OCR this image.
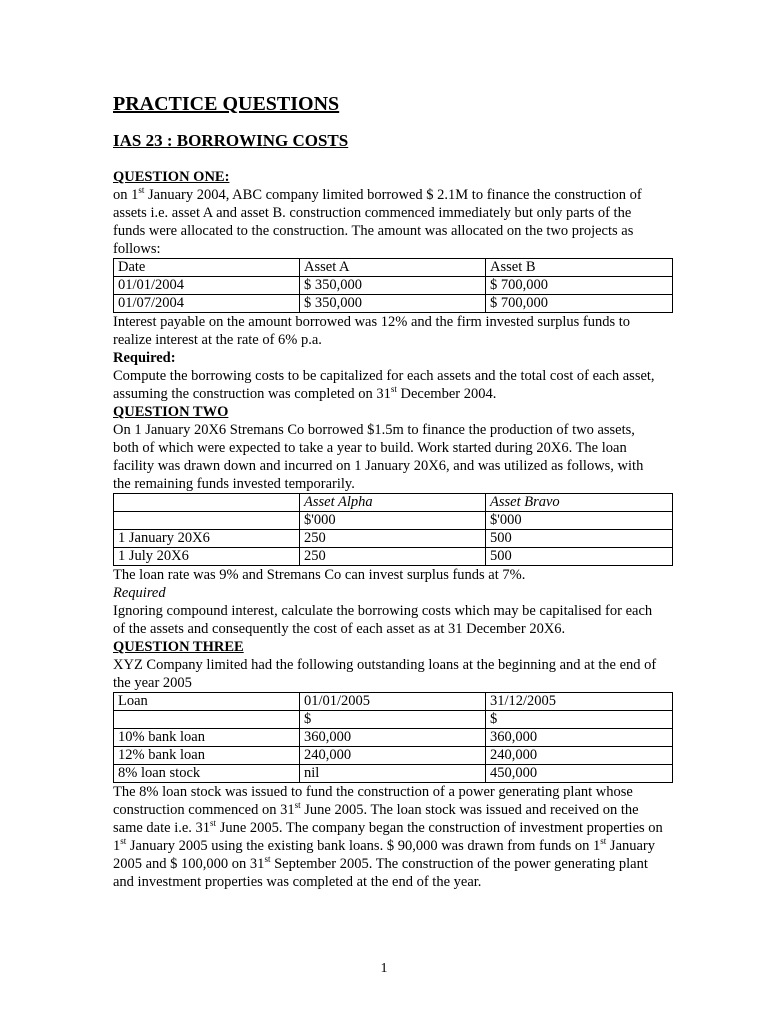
PRACTICE QUESTIONS
IAS 23 : BORROWING COSTS

QUESTION ONE:

on 1st January 2004, ABC company limited borrowed $ 2.1M to finance the construction of assets i.e. asset A and asset B. construction commenced immediately but only parts of the funds were allocated to the construction. The amount was allocated on the two projects as follows:

Date	Asset A	Asset B
01/01/2004	$ 350,000	$ 700,000
01/07/2004	$ 350,000	$ 700,000

Interest payable on the amount borrowed was 12% and the firm invested surplus funds to realize interest at the rate of 6% p.a.

Required:

Compute the borrowing costs to be capitalized for each assets and the total cost of each asset, assuming the construction was completed on 31st December 2004.

QUESTION TWO

On 1 January 20X6 Stremans Co borrowed $1.5m to finance the production of two assets, both of which were expected to take a year to build. Work started during 20X6. The loan facility was drawn down and incurred on 1 January 20X6, and was utilized as follows, with the remaining funds invested temporarily.

	Asset Alpha	Asset Bravo
	$'000	$'000
1 January 20X6	250	500
1 July 20X6	250	500

The loan rate was 9% and Stremans Co can invest surplus funds at 7%.

Required

Ignoring compound interest, calculate the borrowing costs which may be capitalised for each of the assets and consequently the cost of each asset as at 31 December 20X6.

QUESTION THREE

XYZ Company limited had the following outstanding loans at the beginning and at the end of the year 2005

Loan	01/01/2005	31/12/2005
	$	$
10% bank loan	360,000	360,000
12% bank loan	240,000	240,000
8% loan stock	nil	450,000

The 8% loan stock was issued to fund the construction of a power generating plant whose construction commenced on 31st June 2005. The loan stock was issued and received on the same date i.e. 31st June 2005. The company began the construction of investment properties on 1st January 2005 using the existing bank loans. $ 90,000 was drawn from funds on 1st January 2005 and $ 100,000 on 31st September 2005. The construction of the power generating plant and investment properties was completed at the end of the year.

1
